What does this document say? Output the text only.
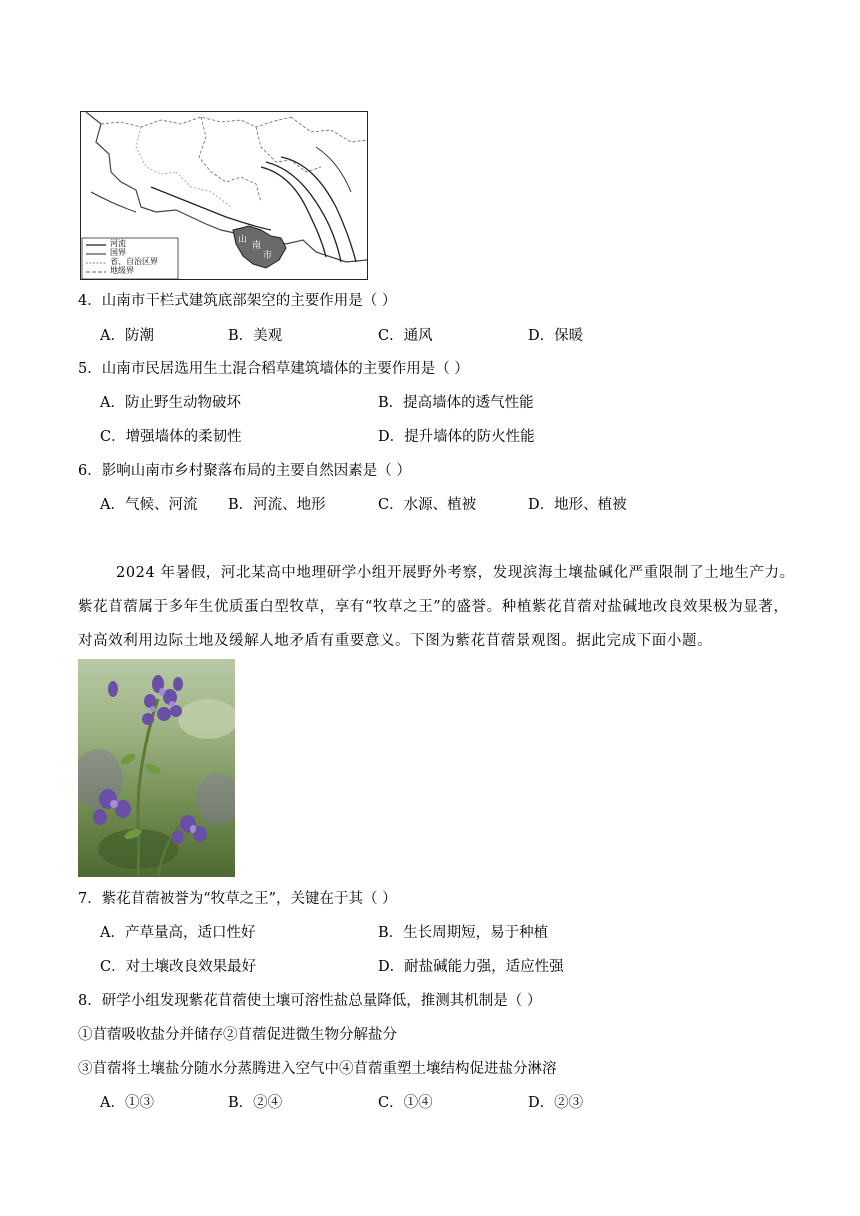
河流
国界
省、自治区界
地级界
山
南
市
4．山南市干栏式建筑底部架空的主要作用是（ ）
A．防潮	B．美观	C．通风	D．保暖
5．山南市民居选用生土混合稻草建筑墙体的主要作用是（ ）
A．防止野生动物破坏	B．提高墙体的透气性能
C．增强墙体的柔韧性	D．提升墙体的防火性能
6．影响山南市乡村聚落布局的主要自然因素是（ ）
A．气候、河流 B．河流、地形	C．水源、植被	D．地形、植被
2024 年暑假，河北某高中地理研学小组开展野外考察，发现滨海土壤盐碱化严重限制了土地生产力。紫花苜蓿属于多年生优质蛋白型牧草，享有“牧草之王”的盛誉。种植紫花苜蓿对盐碱地改良效果极为显著，对高效利用边际土地及缓解人地矛盾有重要意义。下图为紫花苜蓿景观图。据此完成下面小题。
7．紫花苜蓿被誉为“牧草之王”，关键在于其（ ）
A．产草量高，适口性好	B．生长周期短，易于种植
C．对土壤改良效果最好	D．耐盐碱能力强，适应性强
8．研学小组发现紫花苜蓿使土壤可溶性盐总量降低，推测其机制是（ ）
①苜蓿吸收盐分并储存②苜蓿促进微生物分解盐分
③苜蓿将土壤盐分随水分蒸腾进入空气中④苜蓿重塑土壤结构促进盐分淋溶
A．①③	B．②④	C．①④	D．②③
